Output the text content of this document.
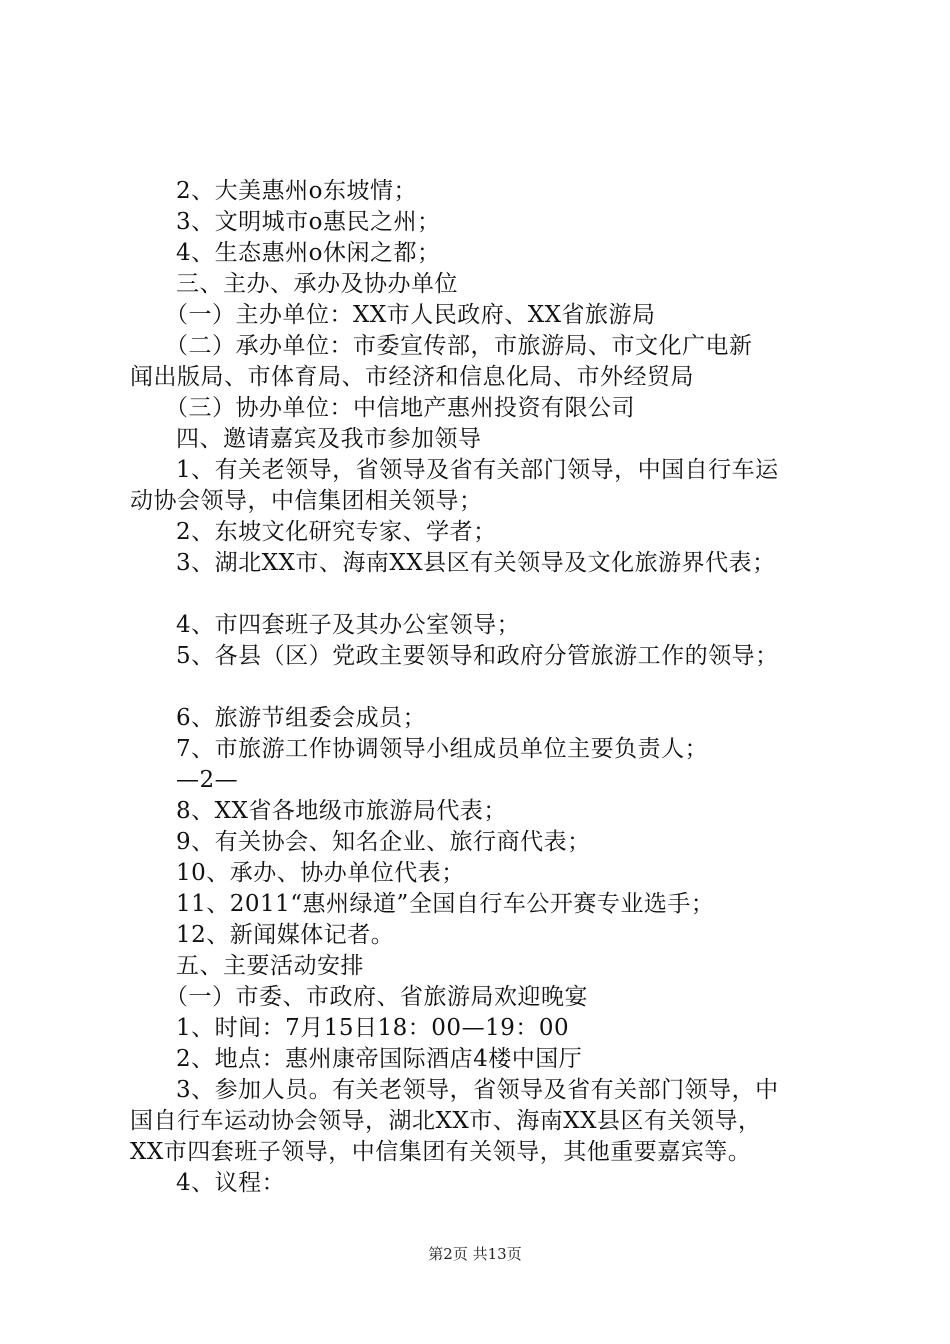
2、大美惠州o东坡情；
3、文明城市o惠民之州；
4、生态惠州o休闲之都；
三、主办、承办及协办单位
（一）主办单位：XX市人民政府、XX省旅游局
（二）承办单位：市委宣传部，市旅游局、市文化广电新
闻出版局、市体育局、市经济和信息化局、市外经贸局
（三）协办单位：中信地产惠州投资有限公司
四、邀请嘉宾及我市参加领导
1、有关老领导，省领导及省有关部门领导，中国自行车运
动协会领导，中信集团相关领导；
2、东坡文化研究专家、学者；
3、湖北XX市、海南XX县区有关领导及文化旅游界代表；
4、市四套班子及其办公室领导；
5、各县（区）党政主要领导和政府分管旅游工作的领导；
6、旅游节组委会成员；
7、市旅游工作协调领导小组成员单位主要负责人；
—2—
8、XX省各地级市旅游局代表；
9、有关协会、知名企业、旅行商代表；
10、承办、协办单位代表；
11、2011“惠州绿道”全国自行车公开赛专业选手；
12、新闻媒体记者。
五、主要活动安排
（一）市委、市政府、省旅游局欢迎晚宴
1、时间：7月15日18：00—19：00
2、地点：惠州康帝国际酒店4楼中国厅
3、参加人员。有关老领导，省领导及省有关部门领导，中
国自行车运动协会领导，湖北XX市、海南XX县区有关领导，
XX市四套班子领导，中信集团有关领导，其他重要嘉宾等。
4、议程：
第2页 共13页
